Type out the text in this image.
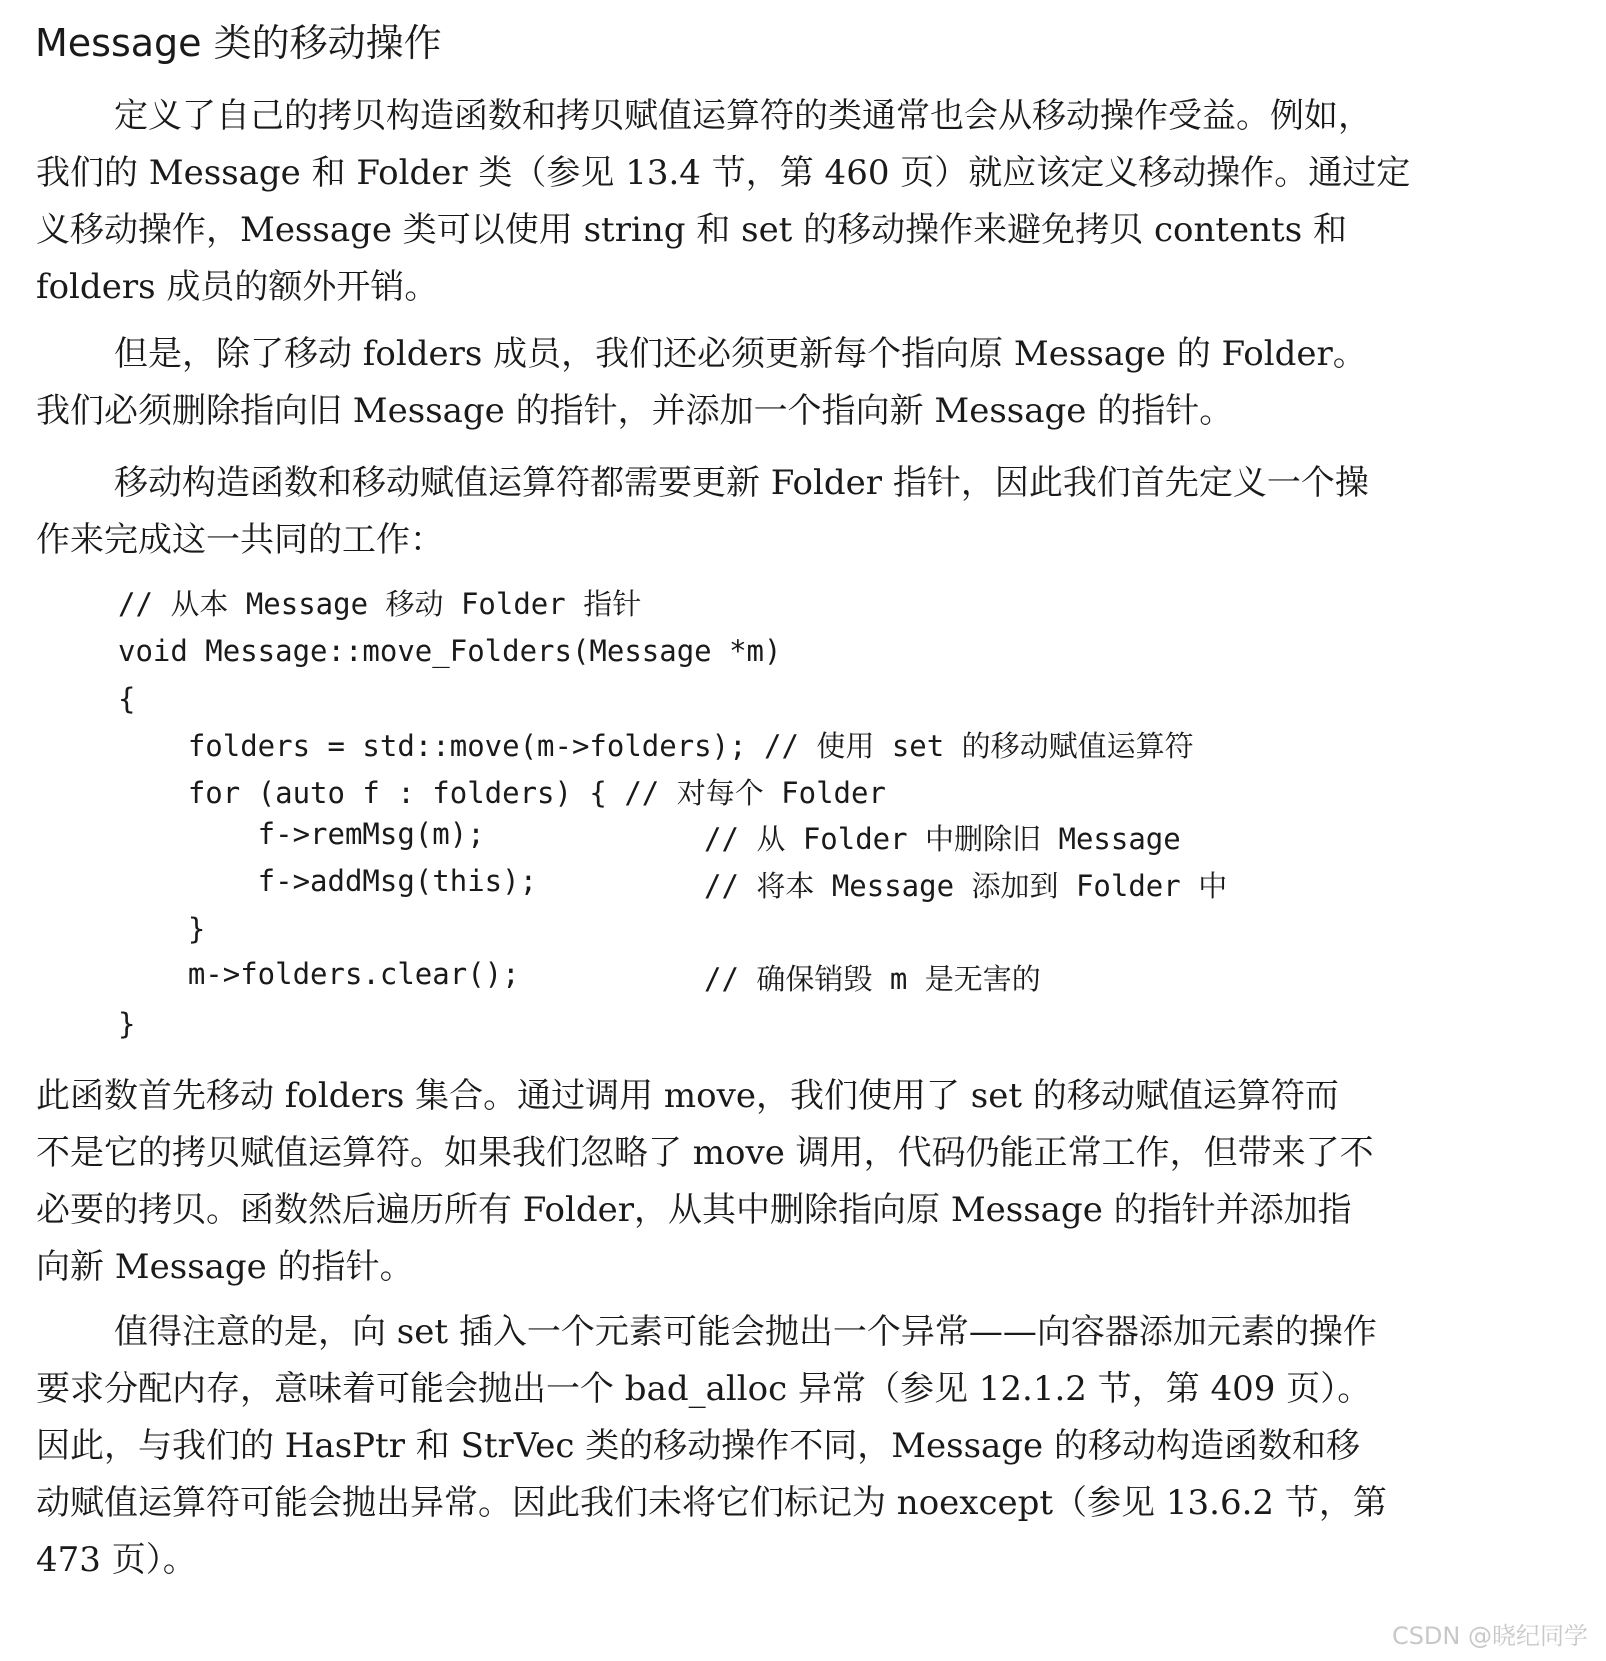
Message 类的移动操作

定义了自己的拷贝构造函数和拷贝赋值运算符的类通常也会从移动操作受益。例如，
我们的 Message 和 Folder 类（参见 13.4 节，第 460 页）就应该定义移动操作。通过定
义移动操作，Message 类可以使用 string 和 set 的移动操作来避免拷贝 contents 和
folders 成员的额外开销。

但是，除了移动 folders 成员，我们还必须更新每个指向原 Message 的 Folder。
我们必须删除指向旧 Message 的指针，并添加一个指向新 Message 的指针。

移动构造函数和移动赋值运算符都需要更新 Folder 指针，因此我们首先定义一个操
作来完成这一共同的工作：

// 从本 Message 移动 Folder 指针
void Message::move_Folders(Message *m)
{
folders = std::move(m->folders); // 使用 set 的移动赋值运算符
for (auto f : folders) { // 对每个 Folder
f->remMsg(m);	// 从 Folder 中删除旧 Message
f->addMsg(this);	// 将本 Message 添加到 Folder 中
}
m->folders.clear();	// 确保销毁 m 是无害的
}

此函数首先移动 folders 集合。通过调用 move，我们使用了 set 的移动赋值运算符而
不是它的拷贝赋值运算符。如果我们忽略了 move 调用，代码仍能正常工作，但带来了不
必要的拷贝。函数然后遍历所有 Folder，从其中删除指向原 Message 的指针并添加指
向新 Message 的指针。

值得注意的是，向 set 插入一个元素可能会抛出一个异常——向容器添加元素的操作
要求分配内存，意味着可能会抛出一个 bad_alloc 异常（参见 12.1.2 节，第 409 页）。
因此，与我们的 HasPtr 和 StrVec 类的移动操作不同，Message 的移动构造函数和移
动赋值运算符可能会抛出异常。因此我们未将它们标记为 noexcept（参见 13.6.2 节，第
473 页）。

CSDN @晓纪同学
